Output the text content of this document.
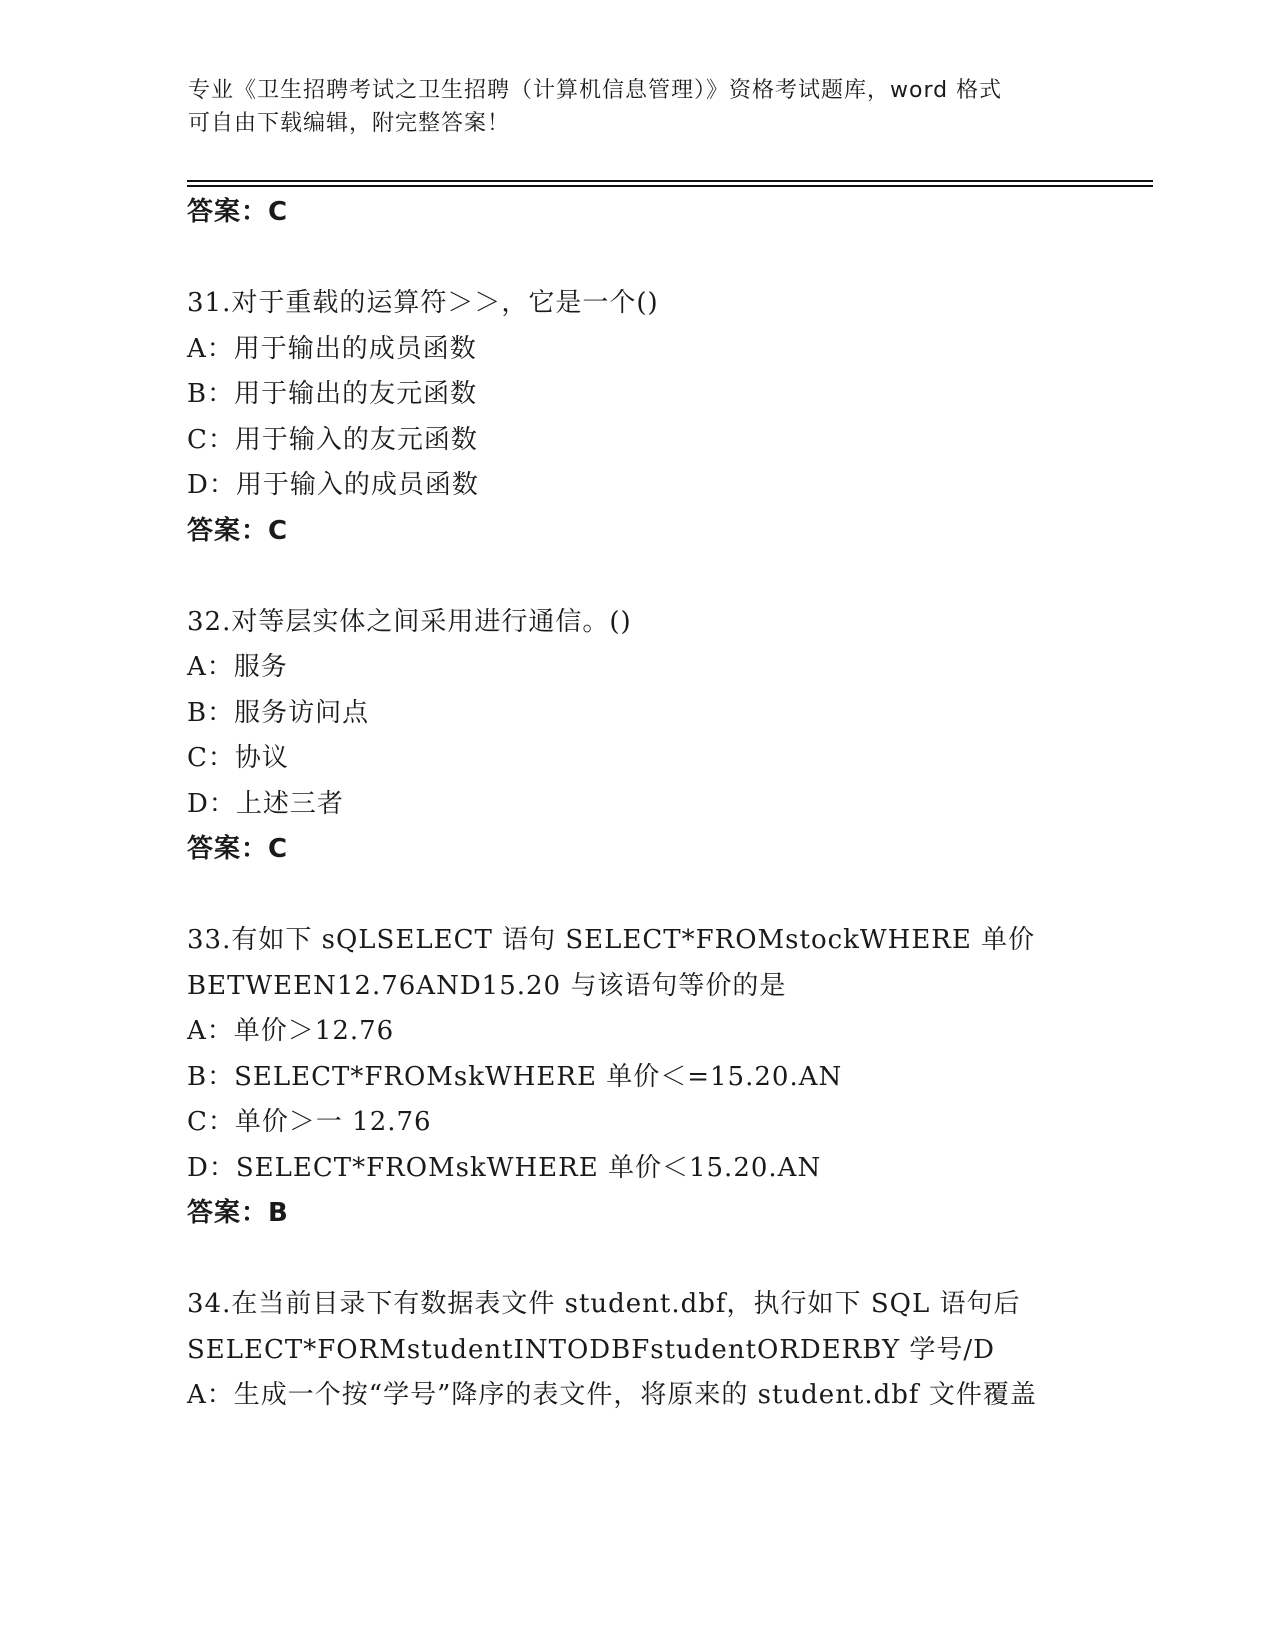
专业《卫生招聘考试之卫生招聘（计算机信息管理）》资格考试题库，word 格式
可自由下载编辑，附完整答案！
答案：C
31.对于重载的运算符＞＞，它是一个()
A：用于输出的成员函数
B：用于输出的友元函数
C：用于输入的友元函数
D：用于输入的成员函数
答案：C
32.对等层实体之间采用进行通信。()
A：服务
B：服务访问点
C：协议
D：上述三者
答案：C
33.有如下 sQLSELECT 语句 SELECT*FROMstockWHERE 单价
BETWEEN12.76AND15.20 与该语句等价的是
A：单价＞12.76
B：SELECT*FROMskWHERE 单价＜=15.20.AN
C：单价＞一 12.76
D：SELECT*FROMskWHERE 单价＜15.20.AN
答案：B
34.在当前目录下有数据表文件 student.dbf，执行如下 SQL 语句后
SELECT*FORMstudentINTODBFstudentORDERBY 学号/D
A：生成一个按“学号”降序的表文件，将原来的 student.dbf 文件覆盖
